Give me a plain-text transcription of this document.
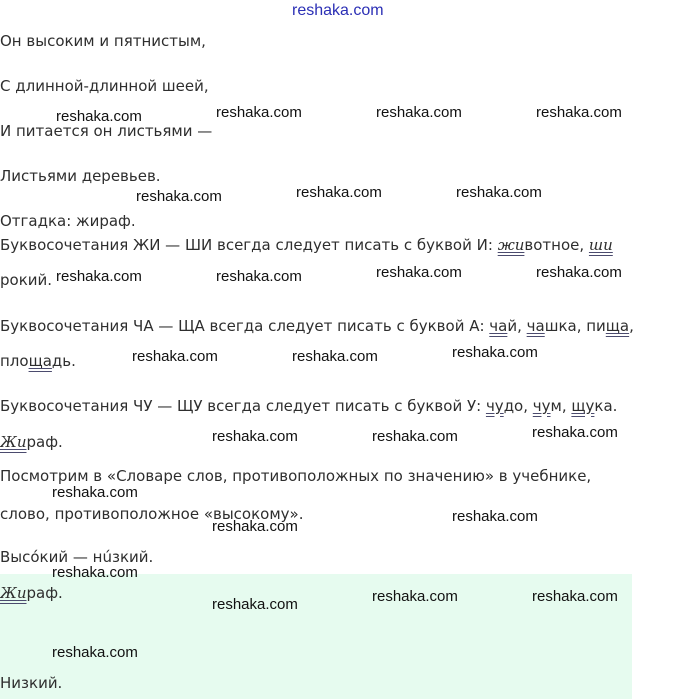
reshaka.com
Он высоким и пятнистым,
С длинной-длинной шеей,
И питается он листьями —
Листьями деревьев.
Отгадка: жираф.
Буквосочетания ЖИ — ШИ всегда следует писать с буквой И: животное, ши
рокий.
Буквосочетания ЧА — ЩА всегда следует писать с буквой А: чай, чашка, пища,
площадь.
Буквосочетания ЧУ — ЩУ всегда следует писать с буквой У: чудо, чум, щука.
Жираф.
Посмотрим в «Словаре слов, противоположных по значению» в учебнике,
слово, противоположное «высокому».
Высóкий — нúзкий.
Жираф.
Низкий.
reshaka.com	reshaka.com	reshaka.com	reshaka.com
reshaka.com	reshaka.com	reshaka.com
reshaka.com	reshaka.com	reshaka.com	reshaka.com
reshaka.com	reshaka.com	reshaka.com
reshaka.com	reshaka.com	reshaka.com
reshaka.com
reshaka.com
reshaka.com
reshaka.com
reshaka.com	reshaka.com	reshaka.com
reshaka.com
